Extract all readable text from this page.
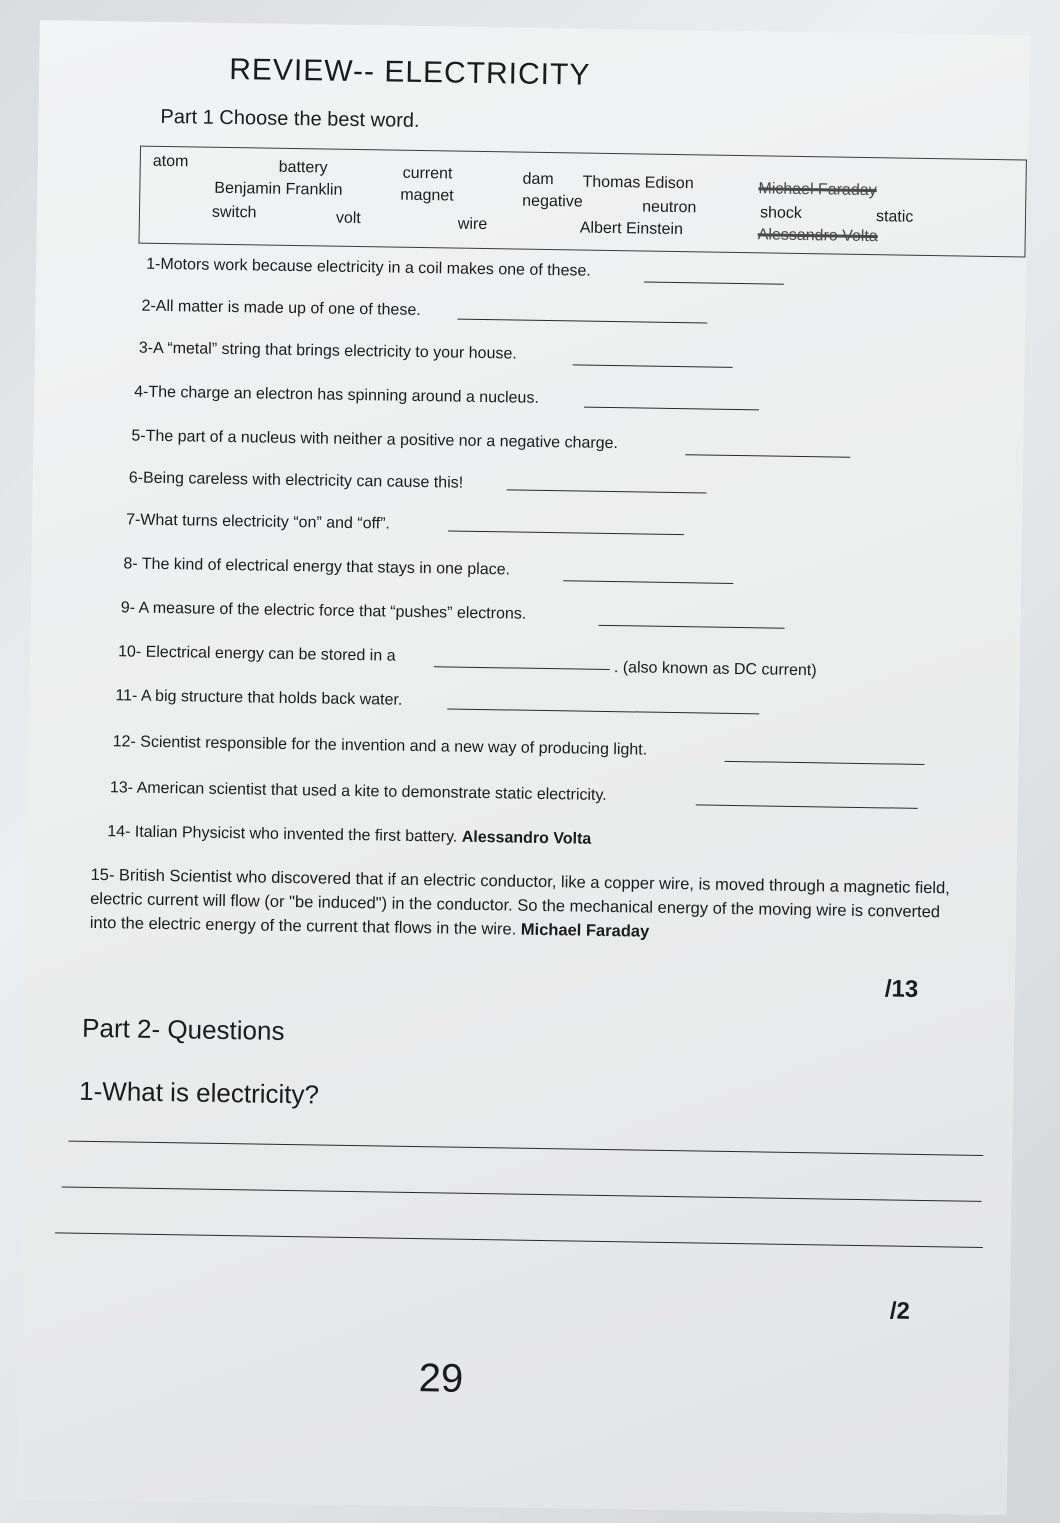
REVIEW-- ELECTRICITY
Part 1 Choose the best word.
atom	battery	current	dam Thomas Edison
Benjamin Franklin	magnet	negative
Michael Faraday
neutron	shock	static
switch	volt	wire	Albert Einstein	Alessandro Volta
1-Motors work because electricity in a coil makes one of these.
2-All matter is made up of one of these.
3-A “metal” string that brings electricity to your house.
4-The charge an electron has spinning around a nucleus.
5-The part of a nucleus with neither a positive nor a negative charge.
6-Being careless with electricity can cause this!
7-What turns electricity “on” and “off”.
8- The kind of electrical energy that stays in one place.
9- A measure of the electric force that “pushes” electrons.
10- Electrical energy can be stored in a
. (also known as DC current)
11- A big structure that holds back water.
12- Scientist responsible for the invention and a new way of producing light.
13- American scientist that used a kite to demonstrate static electricity.
14- Italian Physicist who invented the first battery. Alessandro Volta
15- British Scientist who discovered that if an electric conductor, like a copper wire, is moved through a magnetic field, electric current will flow (or "be induced") in the conductor. So the mechanical energy of the moving wire is converted into the electric energy of the current that flows in the wire. Michael Faraday
/13
Part 2- Questions
1-What is electricity?
/2
29
